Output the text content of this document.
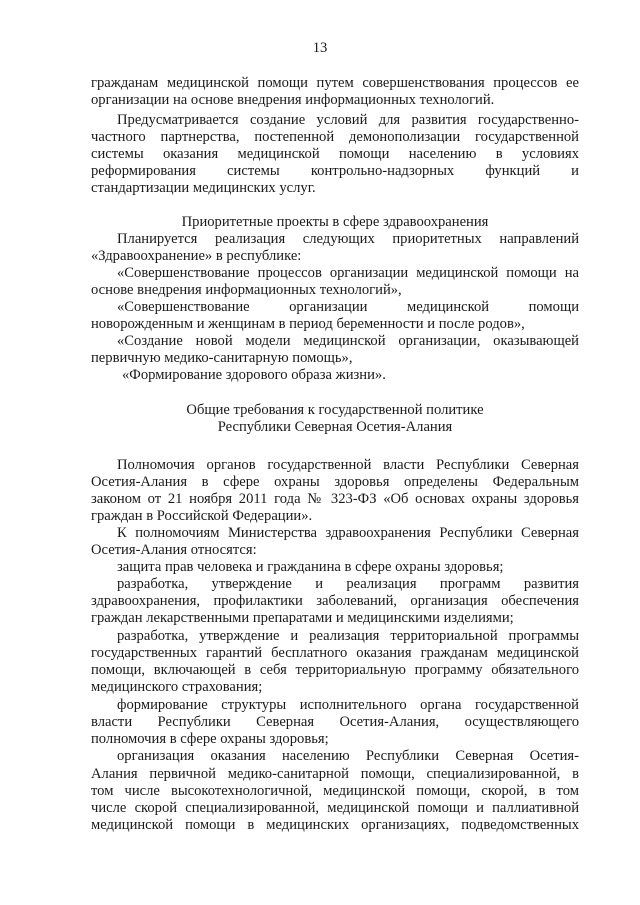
13
гражданам медицинской помощи путем совершенствования процессов ее
организации на основе внедрения информационных технологий.
Предусматривается создание условий для развития государственно-
частного партнерства, постепенной демонополизации государственной
системы оказания медицинской помощи населению в условиях
реформирования системы контрольно-надзорных функций и
стандартизации медицинских услуг.
Приоритетные проекты в сфере здравоохранения
Планируется реализация следующих приоритетных направлений
«Здравоохранение» в республике:
«Совершенствование процессов организации медицинской помощи на
основе внедрения информационных технологий»,
«Совершенствование организации медицинской помощи
новорожденным и женщинам в период беременности и после родов»,
«Создание новой модели медицинской организации, оказывающей
первичную медико-санитарную помощь»,
«Формирование здорового образа жизни».
Общие требования к государственной политике
Республики Северная Осетия-Алания
Полномочия органов государственной власти Республики Северная
Осетия-Алания в сфере охраны здоровья определены Федеральным
законом от 21 ноября 2011 года № 323-ФЗ «Об основах охраны здоровья
граждан в Российской Федерации».
К полномочиям Министерства здравоохранения Республики Северная
Осетия-Алания относятся:
защита прав человека и гражданина в сфере охраны здоровья;
разработка, утверждение и реализация программ развития
здравоохранения, профилактики заболеваний, организация обеспечения
граждан лекарственными препаратами и медицинскими изделиями;
разработка, утверждение и реализация территориальной программы
государственных гарантий бесплатного оказания гражданам медицинской
помощи, включающей в себя территориальную программу обязательного
медицинского страхования;
формирование структуры исполнительного органа государственной
власти Республики Северная Осетия-Алания, осуществляющего
полномочия в сфере охраны здоровья;
организация оказания населению Республики Северная Осетия-
Алания первичной медико-санитарной помощи, специализированной, в
том числе высокотехнологичной, медицинской помощи, скорой, в том
числе скорой специализированной, медицинской помощи и паллиативной
медицинской помощи в медицинских организациях, подведомственных
